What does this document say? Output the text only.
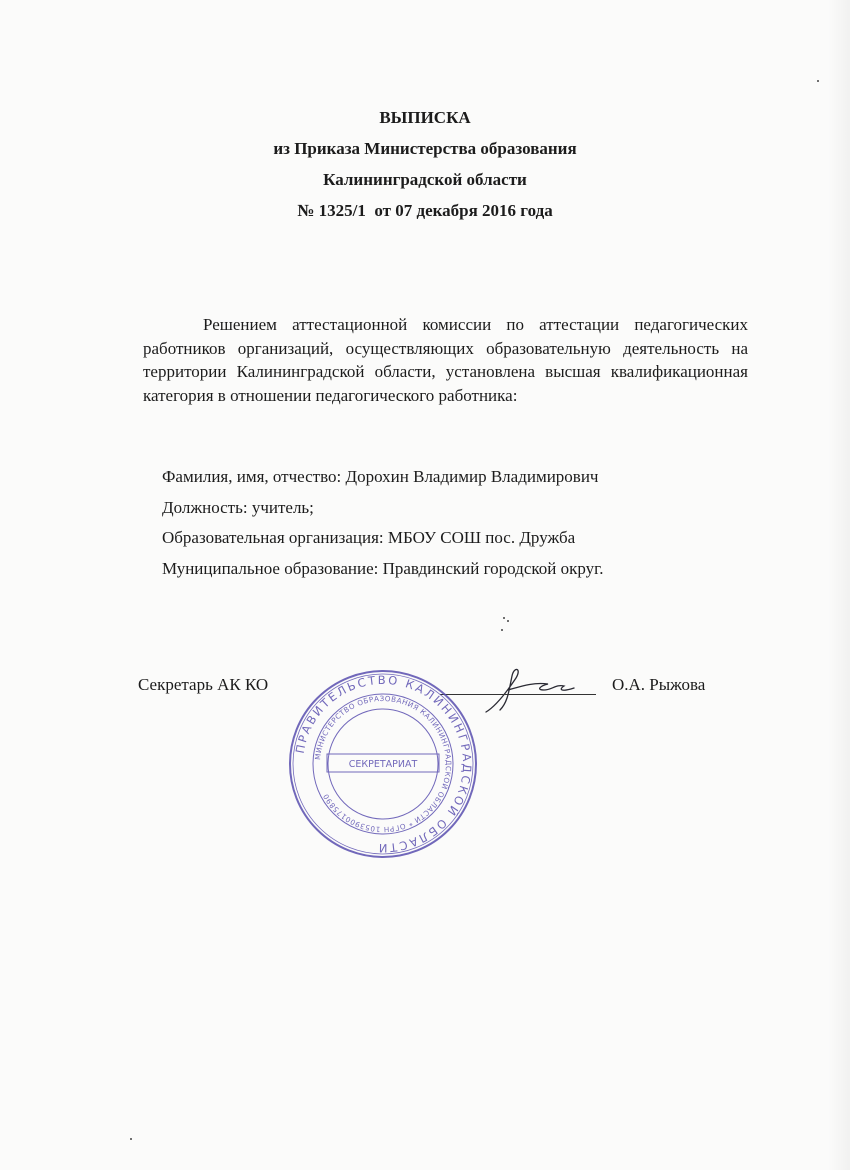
ВЫПИСКА
из Приказа Министерства образования
Калининградской области
№ 1325/1  от 07 декабря 2016 года
Решением аттестационной комиссии по аттестации педагогических работников организаций, осуществляющих образовательную деятельность на территории Калининградской области, установлена высшая квалификационная категория в отношении педагогического работника:
Фамилия, имя, отчество: Дорохин Владимир Владимирович
Должность: учитель;
Образовательная организация: МБОУ СОШ пос. Дружба
Муниципальное образование: Правдинский городской округ.
Секретарь АК КО	О.А. Рыжова
ПРАВИТЕЛЬСТВО КАЛИНИНГРАДСКОЙ ОБЛАСТИ
МИНИСТЕРСТВО ОБРАЗОВАНИЯ КАЛИНИНГРАДСКОЙ ОБЛАСТИ * ОГРН 1053900175890
СЕКРЕТАРИАТ
